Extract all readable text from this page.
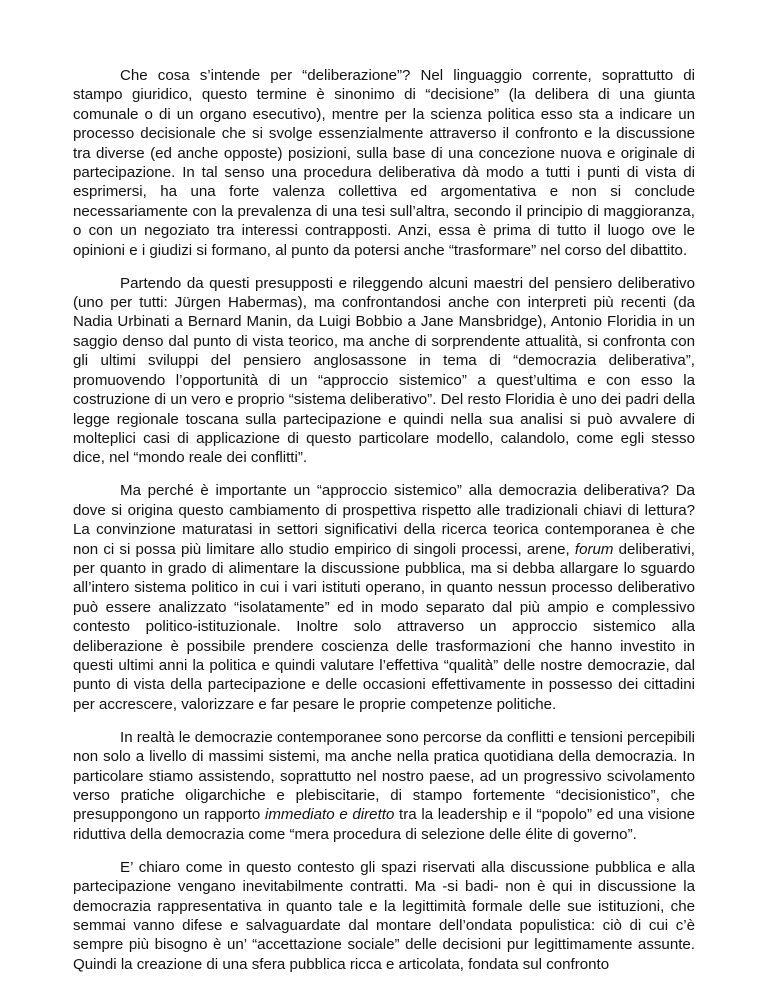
Che cosa s’intende per “deliberazione”? Nel linguaggio corrente, soprattutto di stampo giuridico, questo termine è sinonimo di “decisione” (la delibera di una giunta comunale o di un organo esecutivo), mentre per la scienza politica esso sta a indicare un processo decisionale che si svolge essenzialmente attraverso il confronto e la discussione tra diverse (ed anche opposte) posizioni, sulla base di una concezione nuova e originale di partecipazione. In tal senso una procedura deliberativa dà modo a tutti i punti di vista di esprimersi, ha una forte valenza collettiva ed argomentativa e non si conclude necessariamente con la prevalenza di una tesi sull’altra, secondo il principio di maggioranza, o con un negoziato tra interessi contrapposti. Anzi, essa è prima di tutto il luogo ove le opinioni e i giudizi si formano, al punto da potersi anche “trasformare” nel corso del dibattito.

Partendo da questi presupposti e rileggendo alcuni maestri del pensiero deliberativo (uno per tutti: Jürgen Habermas), ma confrontandosi anche con interpreti più recenti (da Nadia Urbinati a Bernard Manin, da Luigi Bobbio a Jane Mansbridge), Antonio Floridia in un saggio denso dal punto di vista teorico, ma anche di sorprendente attualità, si confronta con gli ultimi sviluppi del pensiero anglosassone in tema di “democrazia deliberativa”, promuovendo l’opportunità di un “approccio sistemico” a quest’ultima e con esso la costruzione di un vero e proprio “sistema deliberativo”. Del resto Floridia è uno dei padri della legge regionale toscana sulla partecipazione e quindi nella sua analisi si può avvalere di molteplici casi di applicazione di questo particolare modello, calandolo, come egli stesso dice, nel “mondo reale dei conflitti”.

Ma perché è importante un “approccio sistemico” alla democrazia deliberativa? Da dove si origina questo cambiamento di prospettiva rispetto alle tradizionali chiavi di lettura? La convinzione maturatasi in settori significativi della ricerca teorica contemporanea è che non ci si possa più limitare allo studio empirico di singoli processi, arene, forum deliberativi, per quanto in grado di alimentare la discussione pubblica, ma si debba allargare lo sguardo all’intero sistema politico in cui i vari istituti operano, in quanto nessun processo deliberativo può essere analizzato “isolatamente” ed in modo separato dal più ampio e complessivo contesto politico-istituzionale. Inoltre solo attraverso un approccio sistemico alla deliberazione è possibile prendere coscienza delle trasformazioni che hanno investito in questi ultimi anni la politica e quindi valutare l’effettiva “qualità” delle nostre democrazie, dal punto di vista della partecipazione e delle occasioni effettivamente in possesso dei cittadini per accrescere, valorizzare e far pesare le proprie competenze politiche.

In realtà le democrazie contemporanee sono percorse da conflitti e tensioni percepibili non solo a livello di massimi sistemi, ma anche nella pratica quotidiana della democrazia. In particolare stiamo assistendo, soprattutto nel nostro paese, ad un progressivo scivolamento verso pratiche oligarchiche e plebiscitarie, di stampo fortemente “decisionistico”, che presuppongono un rapporto immediato e diretto tra la leadership e il “popolo” ed una visione riduttiva della democrazia come “mera procedura di selezione delle élite di governo”.

E’ chiaro come in questo contesto gli spazi riservati alla discussione pubblica e alla partecipazione vengano inevitabilmente contratti. Ma -si badi- non è qui in discussione la democrazia rappresentativa in quanto tale e la legittimità formale delle sue istituzioni, che semmai vanno difese e salvaguardate dal montare dell’ondata populistica: ciò di cui c’è sempre più bisogno è un’ “accettazione sociale” delle decisioni pur legittimamente assunte. Quindi la creazione di una sfera pubblica ricca e articolata, fondata sul confronto
